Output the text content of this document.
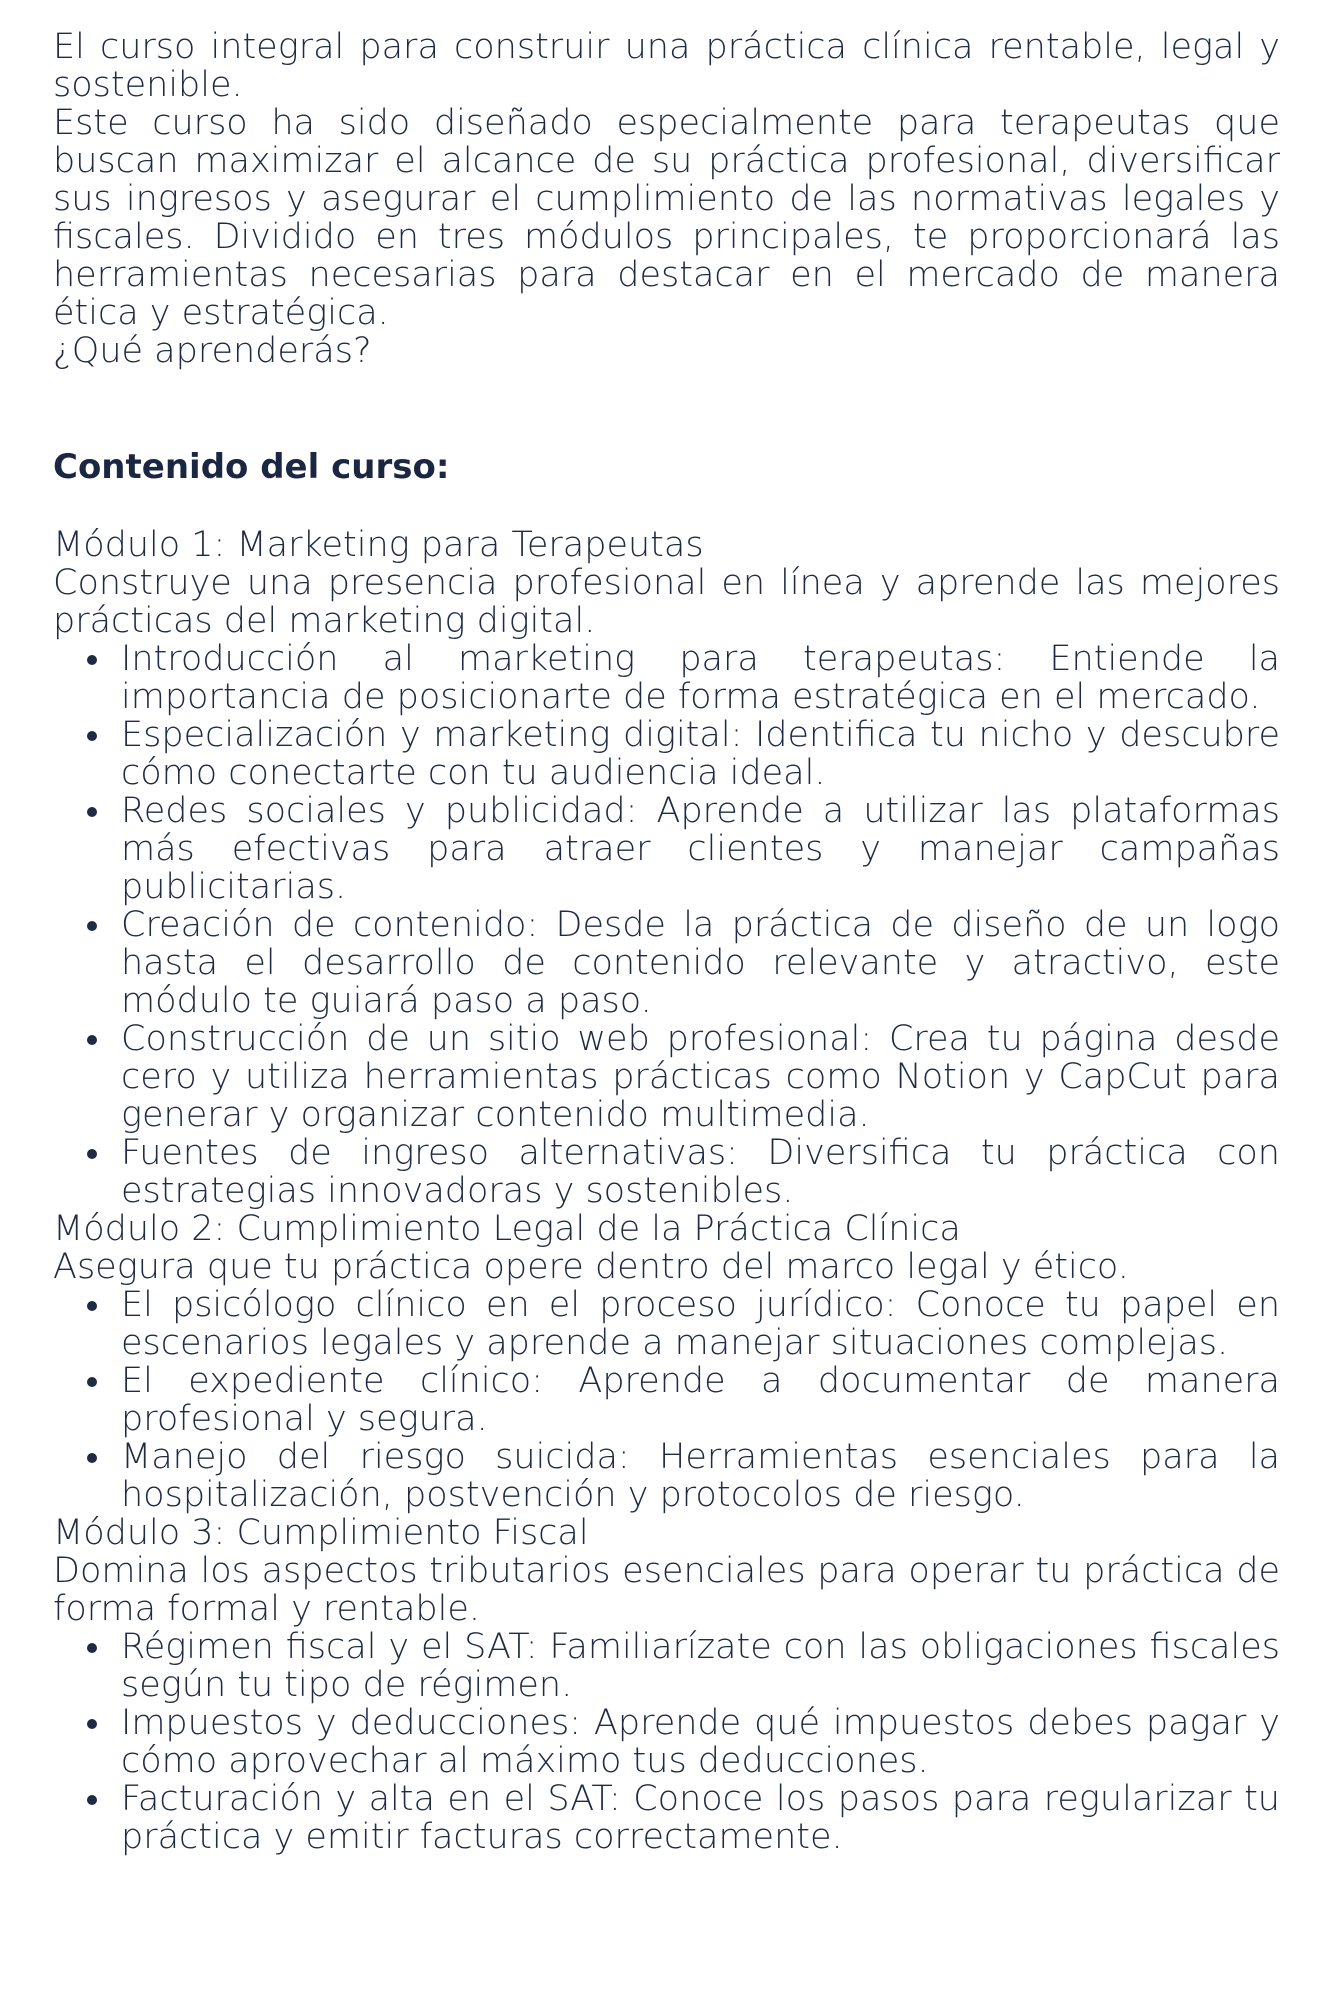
El curso integral para construir una práctica clínica rentable, legal y sostenible.

Este curso ha sido diseñado especialmente para terapeutas que buscan maximizar el alcance de su práctica profesional, diversificar sus ingresos y asegurar el cumplimiento de las normativas legales y fiscales. Dividido en tres módulos principales, te proporcionará las herramientas necesarias para destacar en el mercado de manera ética y estratégica.

¿Qué aprenderás?

Contenido del curso:

Módulo 1: Marketing para Terapeutas

Construye una presencia profesional en línea y aprende las mejores prácticas del marketing digital.

Introducción al marketing para terapeutas: Entiende la importancia de posicionarte de forma estratégica en el mercado.
Especialización y marketing digital: Identifica tu nicho y descubre cómo conectarte con tu audiencia ideal.
Redes sociales y publicidad: Aprende a utilizar las plataformas más efectivas para atraer clientes y manejar campañas publicitarias.
Creación de contenido: Desde la práctica de diseño de un logo hasta el desarrollo de contenido relevante y atractivo, este módulo te guiará paso a paso.
Construcción de un sitio web profesional: Crea tu página desde cero y utiliza herramientas prácticas como Notion y CapCut para generar y organizar contenido multimedia.
Fuentes de ingreso alternativas: Diversifica tu práctica con estrategias innovadoras y sostenibles.

Módulo 2: Cumplimiento Legal de la Práctica Clínica

Asegura que tu práctica opere dentro del marco legal y ético.

El psicólogo clínico en el proceso jurídico: Conoce tu papel en escenarios legales y aprende a manejar situaciones complejas.
El expediente clínico: Aprende a documentar de manera profesional y segura.
Manejo del riesgo suicida: Herramientas esenciales para la hospitalización, postvención y protocolos de riesgo.

Módulo 3: Cumplimiento Fiscal

Domina los aspectos tributarios esenciales para operar tu práctica de forma formal y rentable.

Régimen fiscal y el SAT: Familiarízate con las obligaciones fiscales según tu tipo de régimen.
Impuestos y deducciones: Aprende qué impuestos debes pagar y cómo aprovechar al máximo tus deducciones.
Facturación y alta en el SAT: Conoce los pasos para regularizar tu práctica y emitir facturas correctamente.
